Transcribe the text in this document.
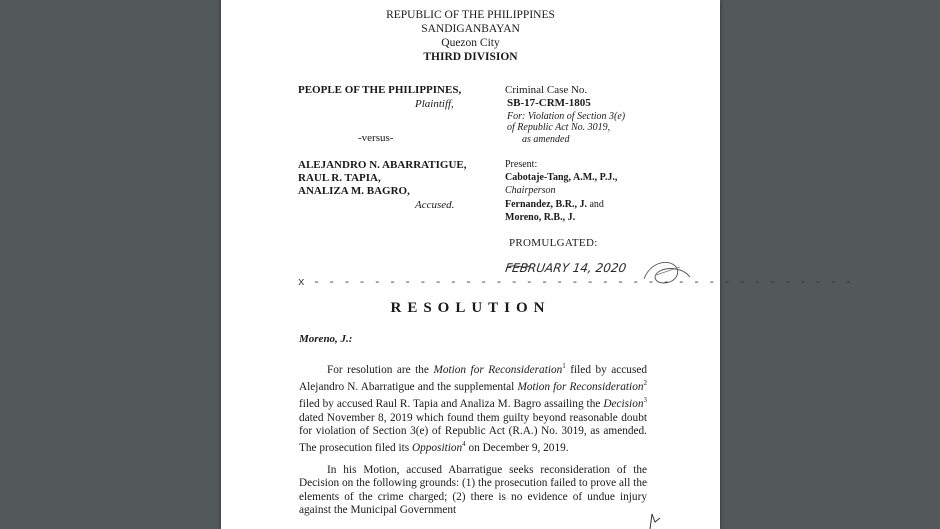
REPUBLIC OF THE PHILIPPINES
SANDIGANBAYAN
Quezon City
THIRD DIVISION
PEOPLE OF THE PHILIPPINES,
Plaintiff,
-versus-
ALEJANDRO N. ABARRATIGUE,
RAUL R. TAPIA,
ANALIZA M. BAGRO,
Accused.
Criminal Case No.
SB-17-CRM-1805
For: Violation of Section 3(e)
of Republic Act No. 3019,
as amended
Present:
Cabotaje-Tang, A.M., P.J.,
Chairperson
Fernandez, B.R., J. and
Moreno, R.B., J.
PROMULGATED:
FEBRUARY 14, 2020
x - - - - - - - - - - - - - - - - - - - - - - - - - - - - - - - - - - - -
RESOLUTION
Moreno, J.:
For resolution are the Motion for Reconsideration$^1$ filed by accused Alejandro N. Abarratigue and the supplemental Motion for Reconsideration$^2$ filed by accused Raul R. Tapia and Analiza M. Bagro assailing the Decision$^3$ dated November 8, 2019 which found them guilty beyond reasonable doubt for violation of Section 3(e) of Republic Act (R.A.) No. 3019, as amended. The prosecution filed its Opposition$^4$ on December 9, 2019.
In his Motion, accused Abarratigue seeks reconsideration of the Decision on the following grounds: (1) the prosecution failed to prove all the elements of the crime charged; (2) there is no evidence of undue injury against the Municipal Government
